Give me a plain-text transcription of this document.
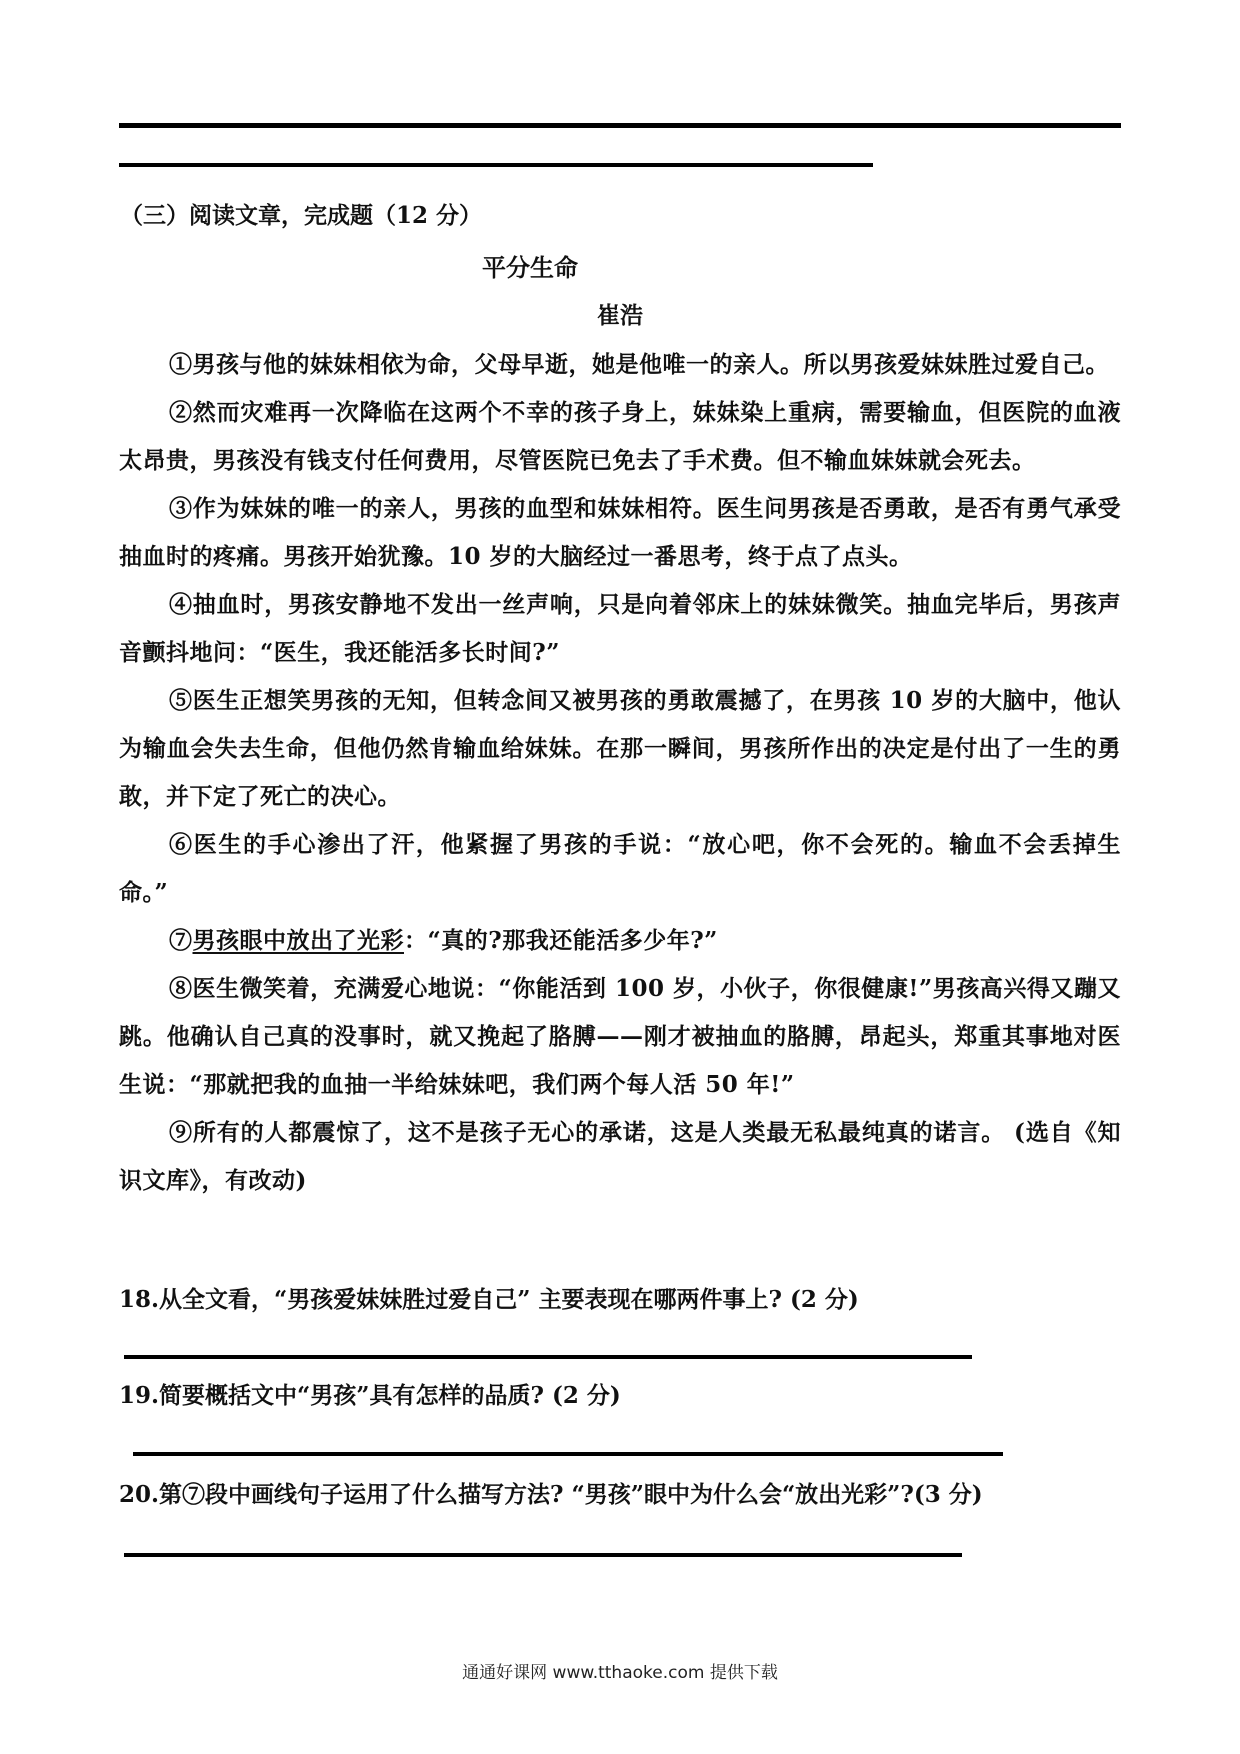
（三）阅读文章，完成题（12 分）
平分生命
崔浩

①男孩与他的妹妹相依为命，父母早逝，她是他唯一的亲人。所以男孩爱妹妹胜过爱自己。

②然而灾难再一次降临在这两个不幸的孩子身上，妹妹染上重病，需要输血，但医院的血液太昂贵，男孩没有钱支付任何费用，尽管医院已免去了手术费。但不输血妹妹就会死去。

③作为妹妹的唯一的亲人，男孩的血型和妹妹相符。医生问男孩是否勇敢，是否有勇气承受抽血时的疼痛。男孩开始犹豫。10 岁的大脑经过一番思考，终于点了点头。

④抽血时，男孩安静地不发出一丝声响，只是向着邻床上的妹妹微笑。抽血完毕后，男孩声音颤抖地问：“医生，我还能活多长时间?”

⑤医生正想笑男孩的无知，但转念间又被男孩的勇敢震撼了，在男孩 10 岁的大脑中，他认为输血会失去生命，但他仍然肯输血给妹妹。在那一瞬间，男孩所作出的决定是付出了一生的勇敢，并下定了死亡的决心。

⑥医生的手心渗出了汗，他紧握了男孩的手说：“放心吧，你不会死的。输血不会丢掉生命。”

⑦男孩眼中放出了光彩：“真的?那我还能活多少年?”

⑧医生微笑着，充满爱心地说：“你能活到 100 岁，小伙子，你很健康!”男孩高兴得又蹦又跳。他确认自己真的没事时，就又挽起了胳膊——刚才被抽血的胳膊，昂起头，郑重其事地对医生说：“那就把我的血抽一半给妹妹吧，我们两个每人活 50 年!”

⑨所有的人都震惊了，这不是孩子无心的承诺，这是人类最无私最纯真的诺言。 (选自《知识文库》，有改动)

18.从全文看，“男孩爱妹妹胜过爱自己” 主要表现在哪两件事上? (2 分)
19.简要概括文中“男孩”具有怎样的品质? (2 分)
20.第⑦段中画线句子运用了什么描写方法? “男孩”眼中为什么会“放出光彩”?(3 分)
通通好课网 www.tthaoke.com 提供下载
